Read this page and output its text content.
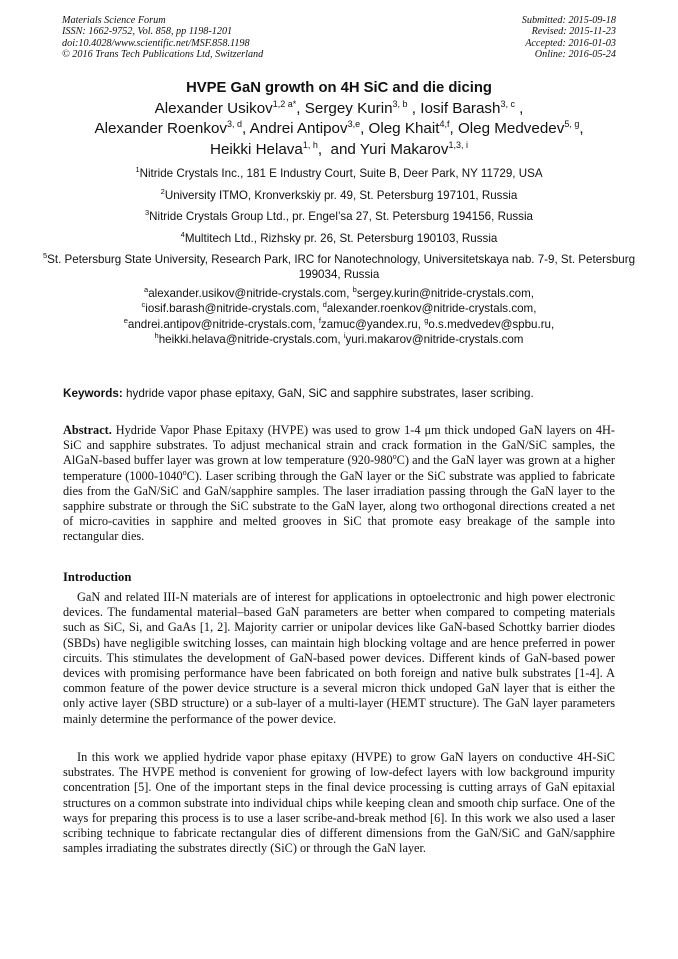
Materials Science Forum
ISSN: 1662-9752, Vol. 858, pp 1198-1201
doi:10.4028/www.scientific.net/MSF.858.1198
© 2016 Trans Tech Publications Ltd, Switzerland
Submitted: 2015-09-18
Revised: 2015-11-23
Accepted: 2016-01-03
Online: 2016-05-24
HVPE GaN growth on 4H SiC and die dicing
Alexander Usikov$^{1,2 a*}$, Sergey Kurin$^{3, b}$ , Iosif Barash$^{3, c}$ ,
Alexander Roenkov$^{3, d}$, Andrei Antipov$^{3,e}$, Oleg Khait$^{4,f}$, Oleg Medvedev$^{5, g}$,
Heikki Helava$^{1, h}$,  and Yuri Makarov$^{1,3, i}$
$^1$Nitride Crystals Inc., 181 E Industry Court, Suite B, Deer Park, NY 11729, USA
$^2$University ITMO, Kronverkskiy pr. 49, St. Petersburg 197101, Russia
$^3$Nitride Crystals Group Ltd., pr. Engel’sa 27, St. Petersburg 194156, Russia
$^4$Multitech Ltd., Rizhsky pr. 26, St. Petersburg 190103, Russia
$^5$St. Petersburg State University, Research Park, IRC for Nanotechnology, Universitetskaya nab. 7-9, St. Petersburg 199034, Russia
$^a$alexander.usikov@nitride-crystals.com, $^b$sergey.kurin@nitride-crystals.com,
$^c$iosif.barash@nitride-crystals.com, $^d$alexander.roenkov@nitride-crystals.com,
$^e$andrei.antipov@nitride-crystals.com, $^f$zamuc@yandex.ru, $^g$o.s.medvedev@spbu.ru,
$^h$heikki.helava@nitride-crystals.com, $^i$yuri.makarov@nitride-crystals.com
Keywords: hydride vapor phase epitaxy, GaN, SiC and sapphire substrates, laser scribing.
Abstract. Hydride Vapor Phase Epitaxy (HVPE) was used to grow 1-4 μm thick undoped GaN layers on 4H-SiC and sapphire substrates. To adjust mechanical strain and crack formation in the GaN/SiC samples, the AlGaN-based buffer layer was grown at low temperature (920-980$^o$C) and the GaN layer was grown at a higher temperature (1000-1040$^o$C). Laser scribing through the GaN layer or the SiC substrate was applied to fabricate dies from the GaN/SiC and GaN/sapphire samples. The laser irradiation passing through the GaN layer to the sapphire substrate or through the SiC substrate to the GaN layer, along two orthogonal directions created a net of micro-cavities in sapphire and melted grooves in SiC that promote easy breakage of the sample into rectangular dies.
Introduction
GaN and related III-N materials are of interest for applications in optoelectronic and high power electronic devices. The fundamental material–based GaN parameters are better when compared to competing materials such as SiC, Si, and GaAs [1, 2]. Majority carrier or unipolar devices like GaN-based Schottky barrier diodes (SBDs) have negligible switching losses, can maintain high blocking voltage and are hence preferred in power circuits. This stimulates the development of GaN-based power devices. Different kinds of GaN-based power devices with promising performance have been fabricated on both foreign and native bulk substrates [1-4]. A common feature of the power device structure is a several micron thick undoped GaN layer that is either the only active layer (SBD structure) or a sub-layer of a multi-layer (HEMT structure). The GaN layer parameters mainly determine the performance of the power device.
In this work we applied hydride vapor phase epitaxy (HVPE) to grow GaN layers on conductive 4H-SiC substrates. The HVPE method is convenient for growing of low-defect layers with low background impurity concentration [5]. One of the important steps in the final device processing is cutting arrays of GaN epitaxial structures on a common substrate into individual chips while keeping clean and smooth chip surface. One of the ways for preparing this process is to use a laser scribe-and-break method [6]. In this work we also used a laser scribing technique to fabricate rectangular dies of different dimensions from the GaN/SiC and GaN/sapphire samples irradiating the substrates directly (SiC) or through the GaN layer.
